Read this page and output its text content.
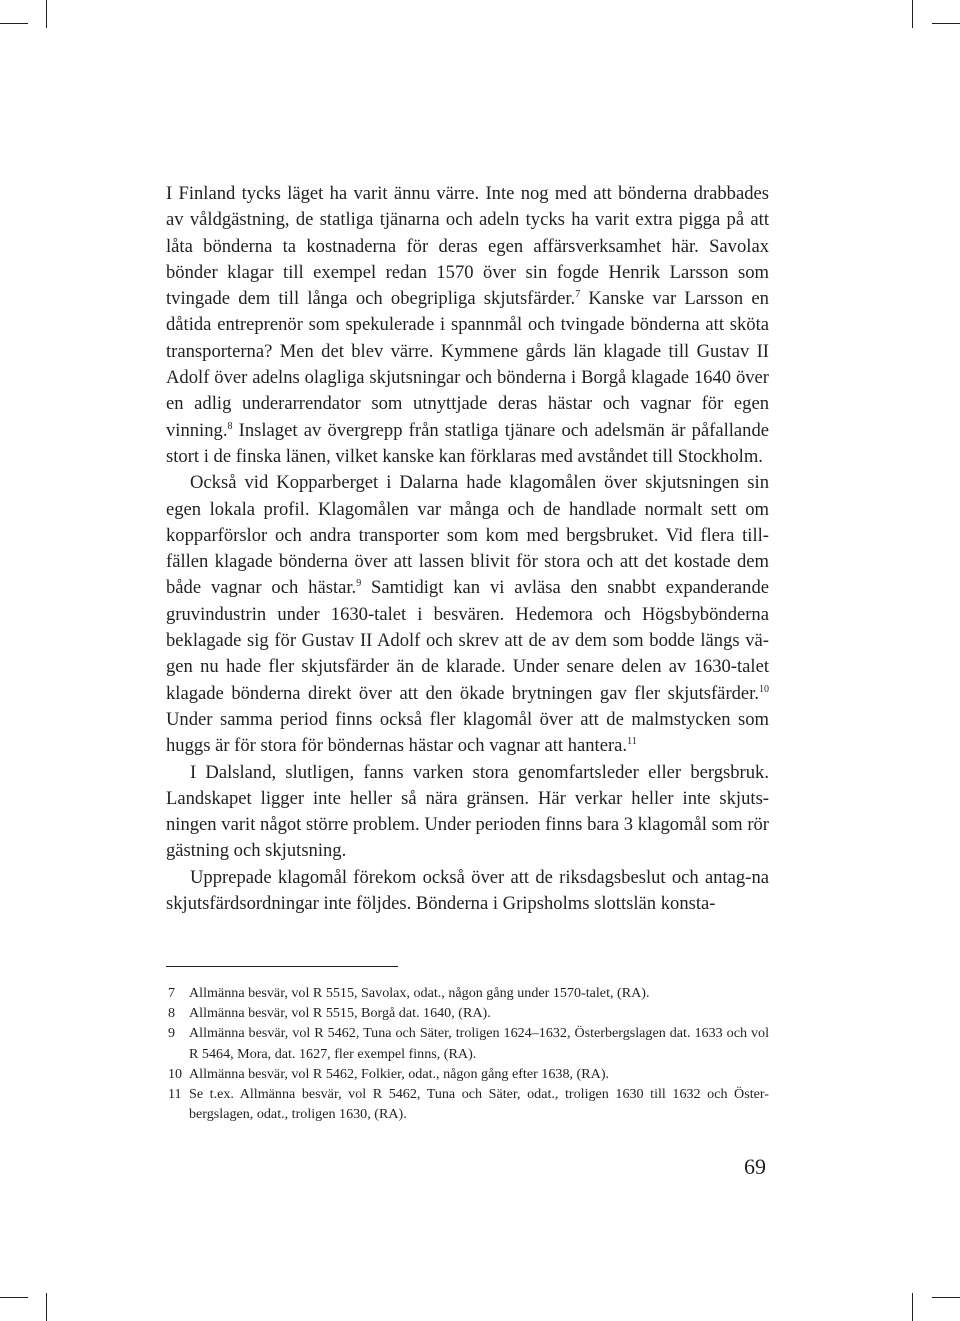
I Finland tycks läget ha varit ännu värre. Inte nog med att bönderna drabbades av våldgästning, de statliga tjänarna och adeln tycks ha varit extra pigga på att låta bönderna ta kostnaderna för deras egen affärsverksamhet här. Savolax bönder klagar till exempel redan 1570 över sin fogde Henrik Larsson som tvingade dem till långa och obegripliga skjutsfärder.$^7$ Kanske var Larsson en dåtida entreprenör som spekulerade i spannmål och tvingade bönderna att sköta transporterna? Men det blev värre. Kymmene gårds län klagade till Gustav II Adolf över adelns olagliga skjutsningar och bönderna i Borgå klagade 1640 över en adlig underarrendator som utnyttjade deras hästar och vagnar för egen vinning.$^8$ Inslaget av övergrepp från statliga tjänare och adelsmän är påfallande stort i de finska länen, vilket kanske kan förklaras med avståndet till Stockholm.

Också vid Kopparberget i Dalarna hade klagomålen över skjutsningen sin egen lokala profil. Klagomålen var många och de handlade normalt sett om kopparförslor och andra transporter som kom med bergsbruket. Vid flera till-fällen klagade bönderna över att lassen blivit för stora och att det kostade dem både vagnar och hästar.$^9$ Samtidigt kan vi avläsa den snabbt expanderande gruvindustrin under 1630-talet i besvären. Hedemora och Högsbybönderna beklagade sig för Gustav II Adolf och skrev att de av dem som bodde längs vä-gen nu hade fler skjutsfärder än de klarade. Under senare delen av 1630-talet klagade bönderna direkt över att den ökade brytningen gav fler skjutsfärder.$^{10}$ Under samma period finns också fler klagomål över att de malmstycken som huggs är för stora för böndernas hästar och vagnar att hantera.$^{11}$

I Dalsland, slutligen, fanns varken stora genomfartsleder eller bergsbruk. Landskapet ligger inte heller så nära gränsen. Här verkar heller inte skjuts-ningen varit något större problem. Under perioden finns bara 3 klagomål som rör gästning och skjutsning.

Upprepade klagomål förekom också över att de riksdagsbeslut och antag-na skjutsfärdsordningar inte följdes. Bönderna i Gripsholms slottslän konsta-

7 Allmänna besvär, vol R 5515, Savolax, odat., någon gång under 1570-talet, (RA).
8 Allmänna besvär, vol R 5515, Borgå dat. 1640, (RA).
9 Allmänna besvär, vol R 5462, Tuna och Säter, troligen 1624–1632, Österbergslagen dat. 1633 och vol R 5464, Mora, dat. 1627, fler exempel finns, (RA).
10 Allmänna besvär, vol R 5462, Folkier, odat., någon gång efter 1638, (RA).
11 Se t.ex. Allmänna besvär, vol R 5462, Tuna och Säter, odat., troligen 1630 till 1632 och Öster-bergslagen, odat., troligen 1630, (RA).
69
